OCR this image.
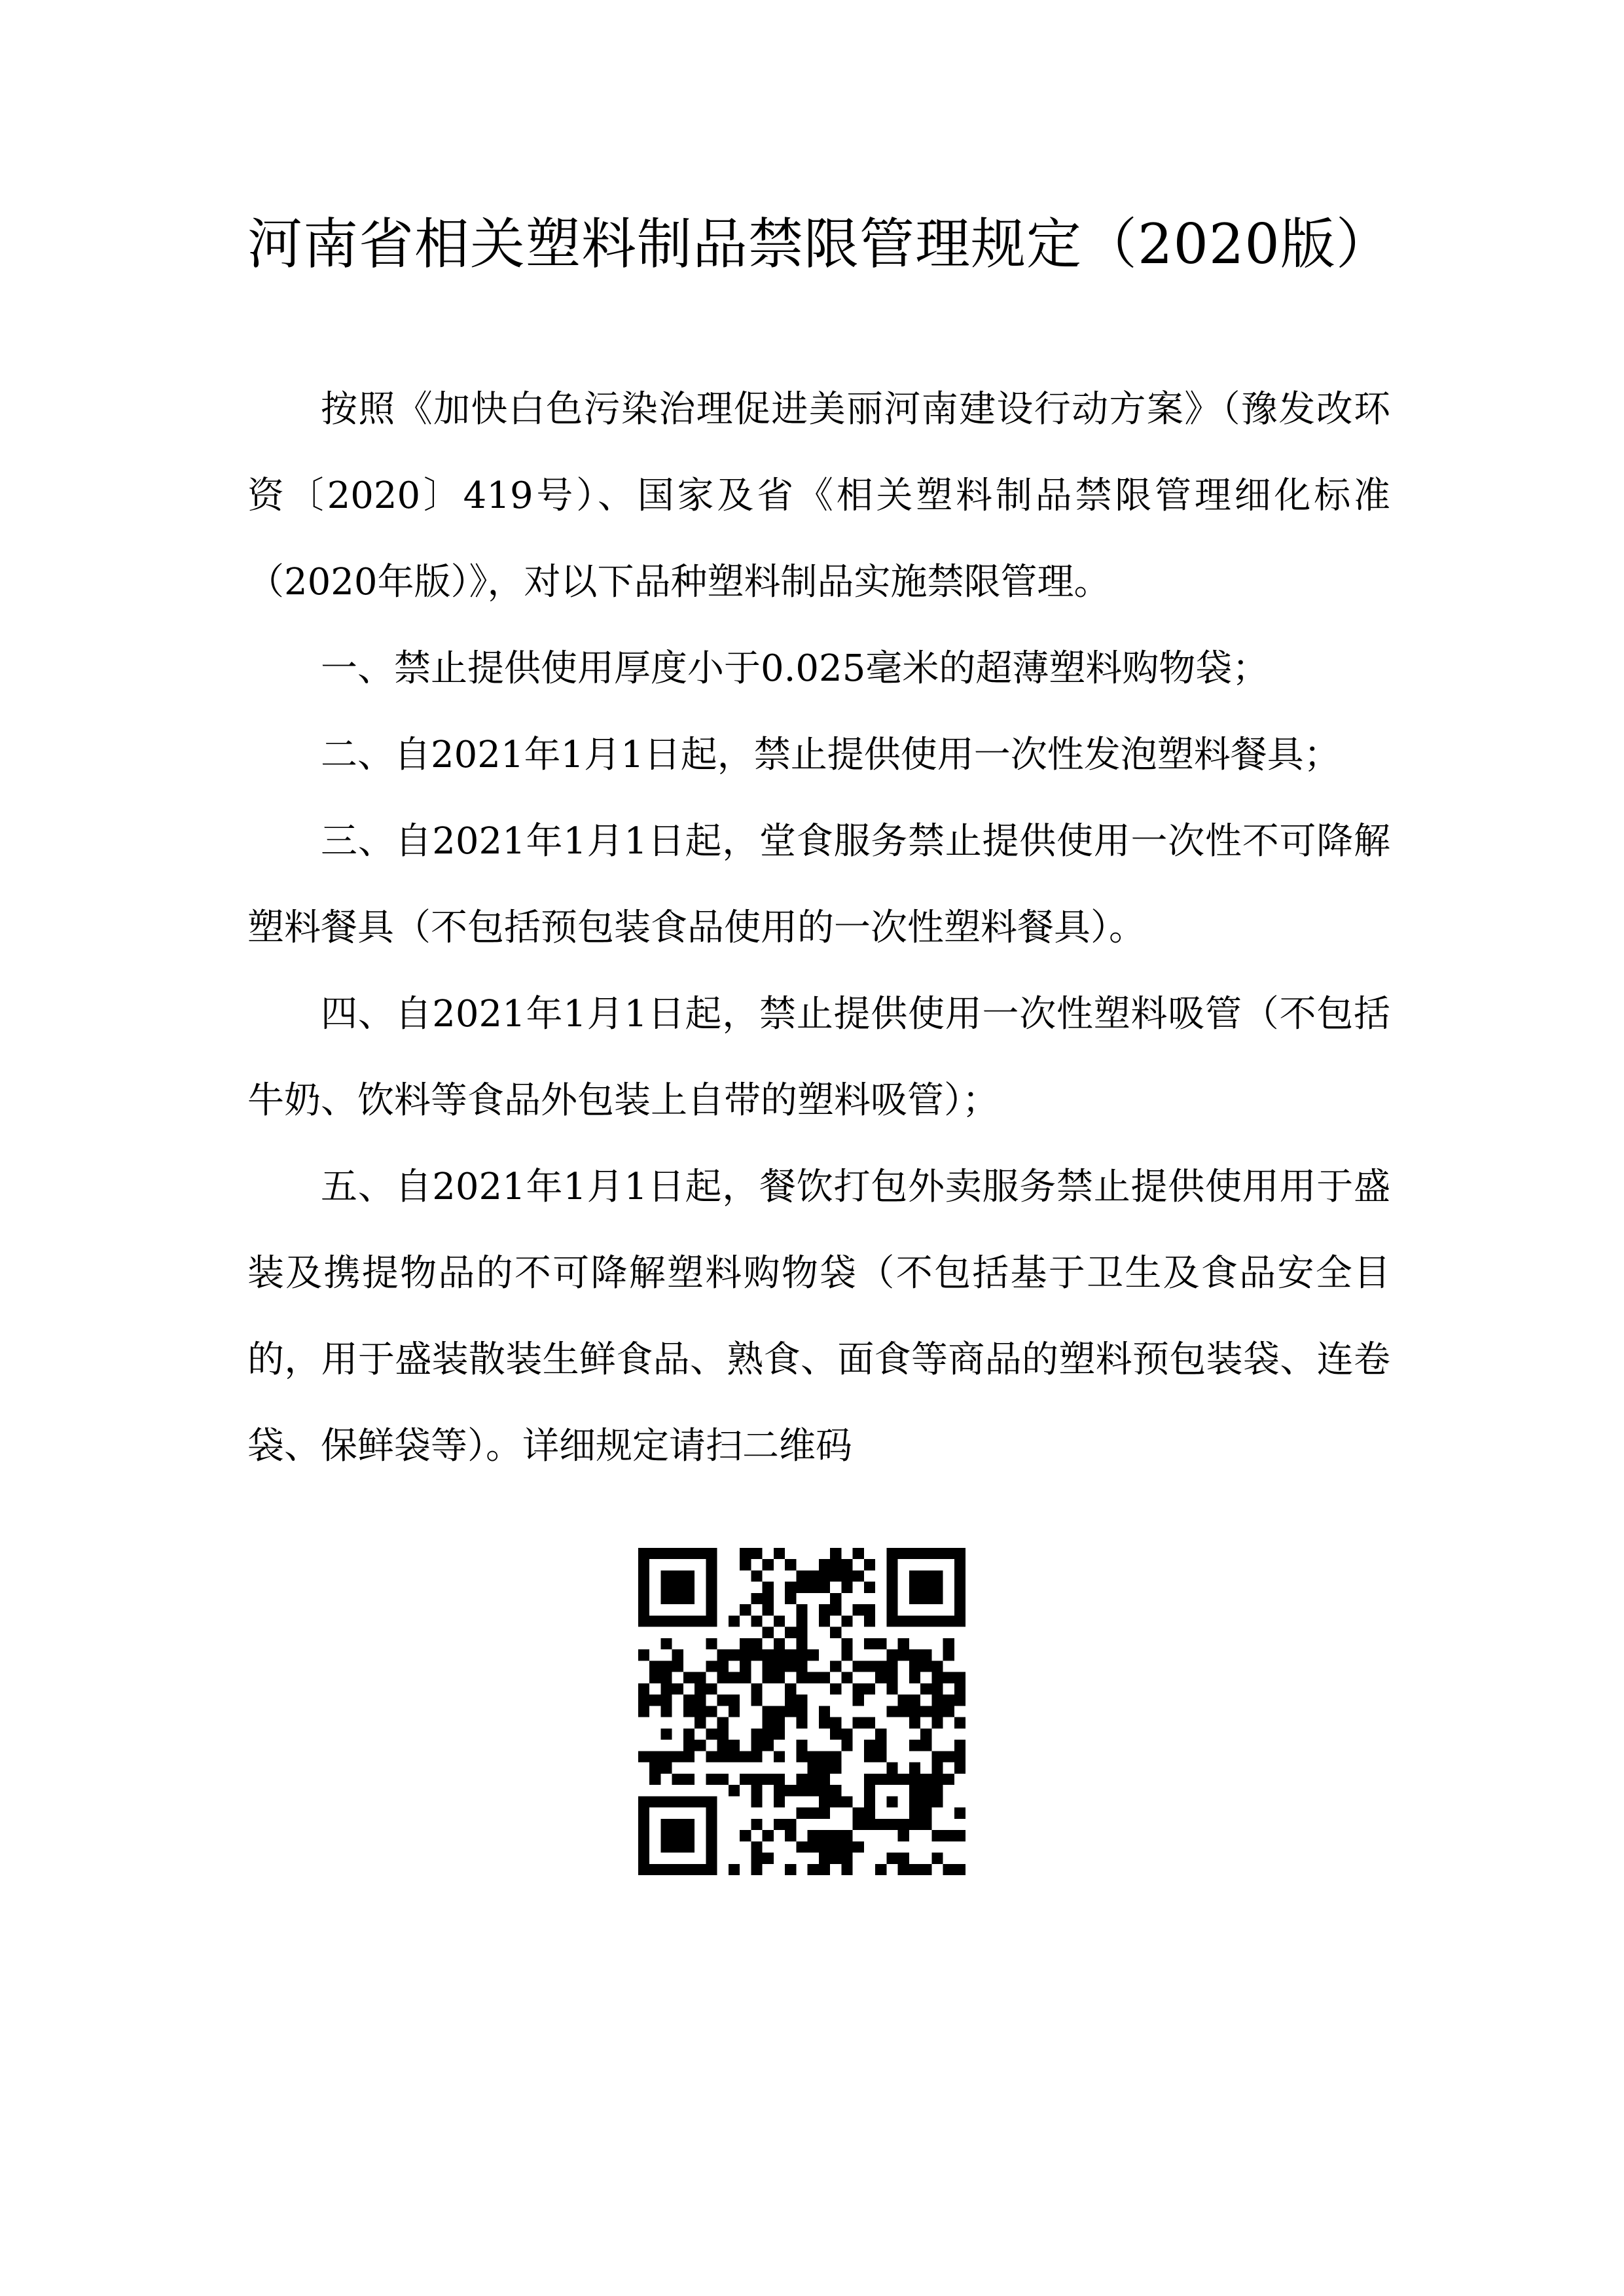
河南省相关塑料制品禁限管理规定（2020版）

按照《加快白色污染治理促进美丽河南建设行动方案》（豫发改环资〔2020〕419号）、国家及省《相关塑料制品禁限管理细化标准（2020年版）》，对以下品种塑料制品实施禁限管理。

一、禁止提供使用厚度小于0.025毫米的超薄塑料购物袋；

二、自2021年1月1日起，禁止提供使用一次性发泡塑料餐具；

三、自2021年1月1日起，堂食服务禁止提供使用一次性不可降解塑料餐具（不包括预包装食品使用的一次性塑料餐具）。

四、自2021年1月1日起，禁止提供使用一次性塑料吸管（不包括牛奶、饮料等食品外包装上自带的塑料吸管）；

五、自2021年1月1日起，餐饮打包外卖服务禁止提供使用用于盛装及携提物品的不可降解塑料购物袋（不包括基于卫生及食品安全目的，用于盛装散装生鲜食品、熟食、面食等商品的塑料预包装袋、连卷袋、保鲜袋等）。详细规定请扫二维码
